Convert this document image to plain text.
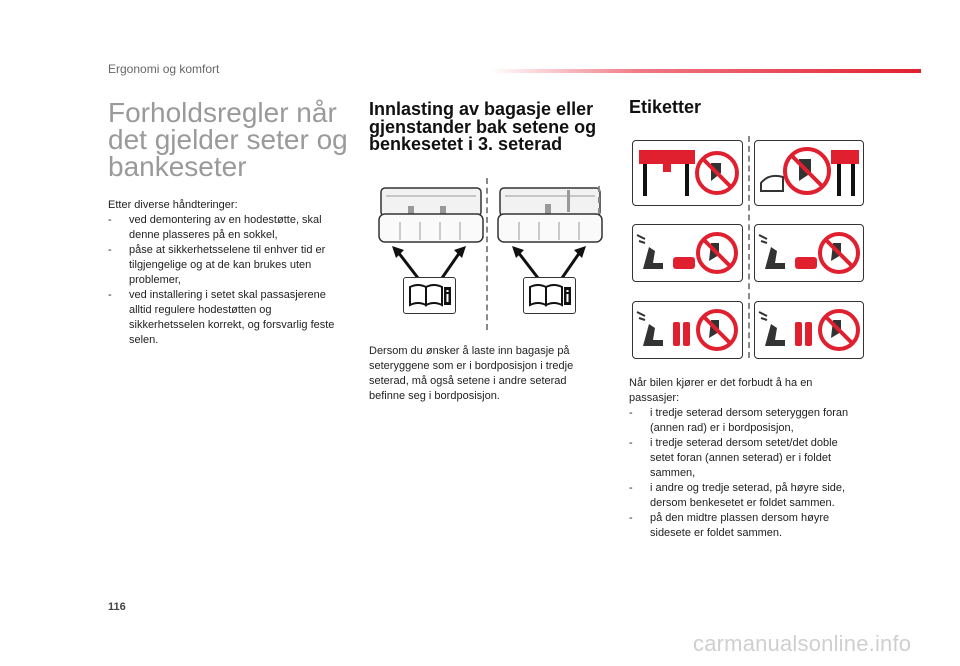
Ergonomi og komfort
Forholdsregler når det gjelder seter og bankeseter
Etter diverse håndteringer:
- ved demontering av en hodestøtte, skal denne plasseres på en sokkel,
- påse at sikkerhetsselene til enhver tid er tilgjengelige og at de kan brukes uten problemer,
- ved installering i setet skal passasjerene alltid regulere hodestøtten og sikkerhetsselen korrekt, og forsvarlig feste selen.
Innlasting av bagasje eller gjenstander bak setene og benkesetet i 3. seterad
Dersom du ønsker å laste inn bagasje på seteryggene som er i bordposisjon i tredje seterad, må også setene i andre seterad befinne seg i bordposisjon.
Etiketter
Når bilen kjører er det forbudt å ha en passasjer:
- i tredje seterad dersom seteryggen foran (annen rad) er i bordposisjon,
- i tredje seterad dersom setet/det doble setet foran (annen seterad) er i foldet sammen,
- i andre og tredje seterad, på høyre side, dersom benkesetet er foldet sammen.
- på den midtre plassen dersom høyre sidesete er foldet sammen.
116
carmanualsonline.info
